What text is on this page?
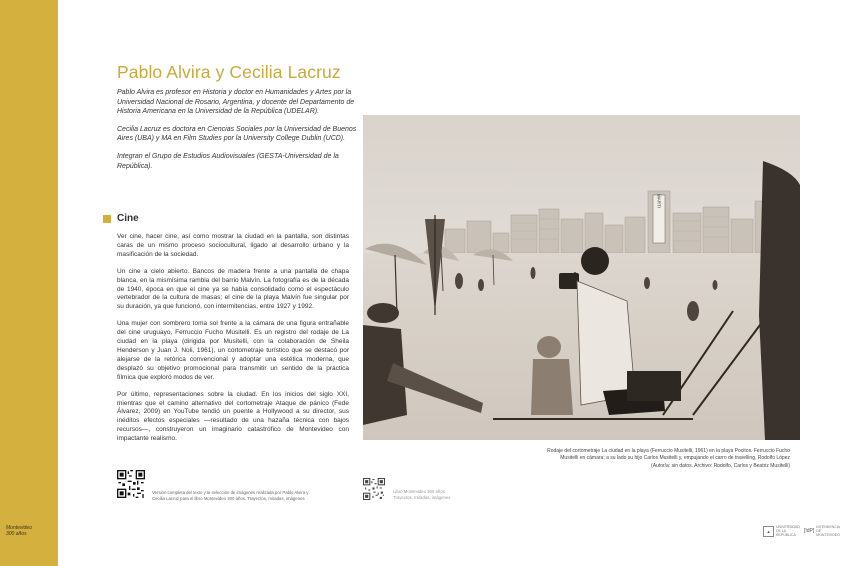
Montevideo
300 años
Pablo Alvira y Cecilia Lacruz

Pablo Alvira es profesor en Historia y doctor en Humanidades y Artes por la Universidad Nacional de Rosario, Argentina, y docente del Departamento de Historia Americana en la Universidad de la República (UDELAR).

Cecilia Lacruz es doctora en Ciencias Sociales por la Universidad de Buenos Aires (UBA) y MA en Film Studies por la University College Dublin (UCD).

Integran el Grupo de Estudios Audiovisuales (GESTA-Universidad de la República).

Cine

Ver cine, hacer cine, así como mostrar la ciudad en la pantalla, son distintas caras de un mismo proceso sociocultural, ligado al desarrollo urbano y la masificación de la sociedad.

Un cine a cielo abierto. Bancos de madera frente a una pantalla de chapa blanca, en la mismísima rambla del barrio Malvín. La fotografía es de la década de 1940, época en que el cine ya se había consolidado como el espectáculo vertebrador de la cultura de masas; el cine de la playa Malvín fue singular por su duración, ya que funcionó, con intermitencias, entre 1927 y 1992.

Una mujer con sombrero toma sol frente a la cámara de una figura entrañable del cine uruguayo, Ferruccio Fucho Musitelli. Es un registro del rodaje de La ciudad en la playa (dirigida por Musitelli, con la colaboración de Sheila Henderson y Juan J. Noli, 1961), un cortometraje turístico que se destacó por alejarse de la retórica convencional y adoptar una estética moderna, que desplazó su objetivo promocional para transmitir un sentido de la práctica fílmica que exploró modos de ver.

Por último, representaciones sobre la ciudad. En los inicios del siglo XXI, mientras que el camino alternativo del cortometraje Ataque de pánico (Fede Álvarez, 2009) en YouTube tendió un puente a Hollywood a su director, sus inéditos efectos especiales —resultado de una hazaña técnica con bajos recursos—, construyeron un imaginario catastrófico de Montevideo con impactante realismo.

MARTI
Rodaje del cortometraje La ciudad en la playa (Ferruccio Musitelli, 1961) en la playa Pocitos. Ferruccio Fucho
Musitelli en cámara; a su lado su hijo Carlos Musitelli y, empujando el carro de travelling, Rodolfo López
(Autor/a: sin datos. Archivo: Rodolfo, Carlos y Beatriz Musitelli)
Versión completa del texto y la selección de imágenes realizada por Pablo Alvira y
Cecilia Lacruz para el libro Montevideo 300 años. Trayectos, miradas, imágenes
Libro Montevideo 300 años
Trayectos, miradas, imágenes
▲
UNIVERSIDAD DE LA REPÚBLICA
[IdP]
INTENDENCIA DE MONTEVIDEO
